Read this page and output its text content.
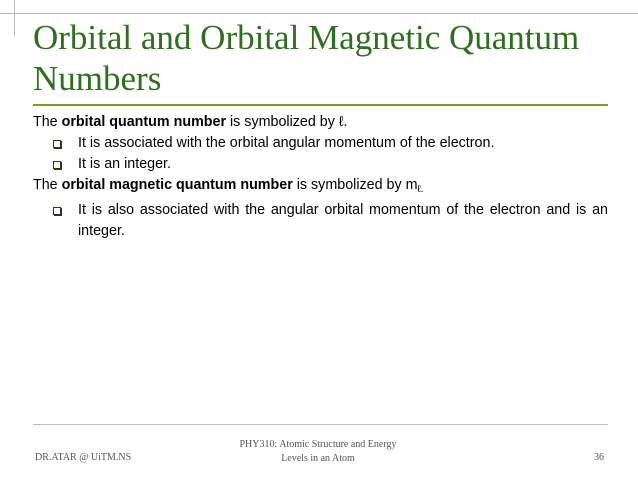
Orbital and Orbital Magnetic Quantum Numbers

The orbital quantum number is symbolized by ℓ.

It is associated with the orbital angular momentum of the electron.

It is an integer.

The orbital magnetic quantum number is symbolized by $m_{\ell.}$

It is also associated with the angular orbital momentum of the electron and is an integer.

DR.ATAR @ UiTM.NS
PHY310: Atomic Structure and Energy
Levels in an Atom	36
